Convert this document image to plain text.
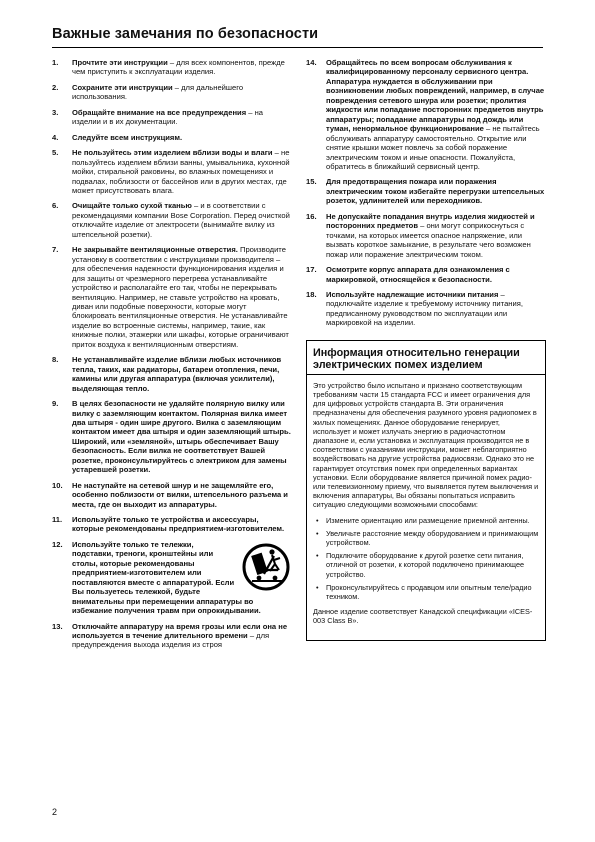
Важные замечания по безопасности
1. Прочтите эти инструкции – для всех компонентов, прежде чем приступить к эксплуатации изделия.
2. Сохраните эти инструкции – для дальнейшего использования.
3. Обращайте внимание на все предупреждения – на изделии и в их документации.
4. Следуйте всем инструкциям.
5. Не пользуйтесь этим изделием вблизи воды и влаги – не пользуйтесь изделием вблизи ванны, умывальника, кухонной мойки, стиральной раковины, во влажных помещениях и подвалах, поблизости от бассейнов или в других местах, где может присутствовать влага.
6. Очищайте только сухой тканью – и в соответствии с рекомендациями компании Bose Corporation. Перед очисткой отключайте изделие от электросети (вынимайте вилку из штепсельной розетки).
7. Не закрывайте вентиляционные отверстия. Производите установку в соответствии с инструкциями производителя – для обеспечения надежности функционирования изделия и для защиты от чрезмерного перегрева устанавливайте устройство и располагайте его так, чтобы не перекрывать вентиляцию. Например, не ставьте устройство на кровать, диван или подобные поверхности, которые могут блокировать вентиляционные отверстия. Не устанавливайте изделие во встроенные системы, например, такие, как книжные полки, этажерки или шкафы, которые ограничивают приток воздуха к вентиляционным отверстиям.
8. Не устанавливайте изделие вблизи любых источников тепла, таких, как радиаторы, батареи отопления, печи, камины или другая аппаратура (включая усилители), выделяющая тепло.
9. В целях безопасности не удаляйте полярную вилку или вилку с заземляющим контактом. Полярная вилка имеет два штыря - один шире другого. Вилка с заземляющим контактом имеет два штыря и один заземляющий штырь. Широкий, или «земляной», штырь обеспечивает Вашу безопасность. Если вилка не соответствует Вашей розетке, проконсультируйтесь с электриком для замены устаревшей розетки.
10. Не наступайте на сетевой шнур и не защемляйте его, особенно поблизости от вилки, штепсельного разъема и места, где он выходит из аппаратуры.
11. Используйте только те устройства и аксессуары, которые рекомендованы предприятием-изготовителем.
12. Используйте только те тележки, подставки, треноги, кронштейны или столы, которые рекомендованы предприятием-изготовителем или поставляются вместе с аппаратурой. Если Вы пользуетесь тележкой, будьте внимательны при перемещении аппаратуры во избежание получения травм при опрокидывании.
13. Отключайте аппаратуру на время грозы или если она не используется в течение длительного времени – для предупреждения выхода изделия из строя
14. Обращайтесь по всем вопросам обслуживания к квалифицированному персоналу сервисного центра. Аппаратура нуждается в обслуживании при возникновении любых повреждений, например, в случае повреждения сетевого шнура или розетки; пролития жидкости или попадание посторонних предметов внутрь аппаратуры; попадание аппаратуры под дождь или туман, ненормальное функционирование – не пытайтесь обслуживать аппаратуру самостоятельно. Открытие или снятие крышки может повлечь за собой поражение электрическим током и иные опасности. Пожалуйста, обратитесь в ближайший сервисный центр.
15. Для предотвращения пожара или поражения электрическим током избегайте перегрузки штепсельных розеток, удлинителей или переходников.
16. Не допускайте попадания внутрь изделия жидкостей и посторонних предметов – они могут соприкоснуться с точками, на которых имеется опасное напряжение, или вызвать короткое замыкание, в результате чего возможен пожар или поражение электрическим током.
17. Осмотрите корпус аппарата для ознакомления с маркировкой, относящейся к безопасности.
18. Используйте надлежащие источники питания – подключайте изделие к требуемому источнику питания, предписанному руководством по эксплуатации или маркировкой на изделии.
Информация относительно генерации электрических помех изделием

Это устройство было испытано и признано соответствующим требованиям части 15 стандарта FCC и имеет ограничения для для цифровых устройств стандарта В. Эти ограничения предназначены для обеспечения разумного уровня радиопомех в жилых помещениях. Данное оборудование генерирует, использует и может излучать энергию в радиочастотном диапазоне и, если установка и эксплуатация производится не в соответствии с указаниями инструкции, может неблагоприятно воздействовать на другие устройства радиосвязи. Однако это не гарантирует отсутствия помех при определенных вариантах установки. Если оборудование является причиной помех радио- или телевизионному приему, что выявляется путем выключения и включения аппаратуры, Вы обязаны попытаться исправить ситуацию следующими возможными способами:

• Измените ориентацию или размещение приемной антенны.
• Увеличьте расстояние между оборудованием и принимающим устройством.
• Подключите оборудование к другой розетке сети питания, отличной от розетки, к которой подключено принимающее устройство.
• Проконсультируйтесь с продавцом или опытным теле/радио техником.

Данное изделие соответствует Канадской спецификации «ICES-003 Class B».

2
